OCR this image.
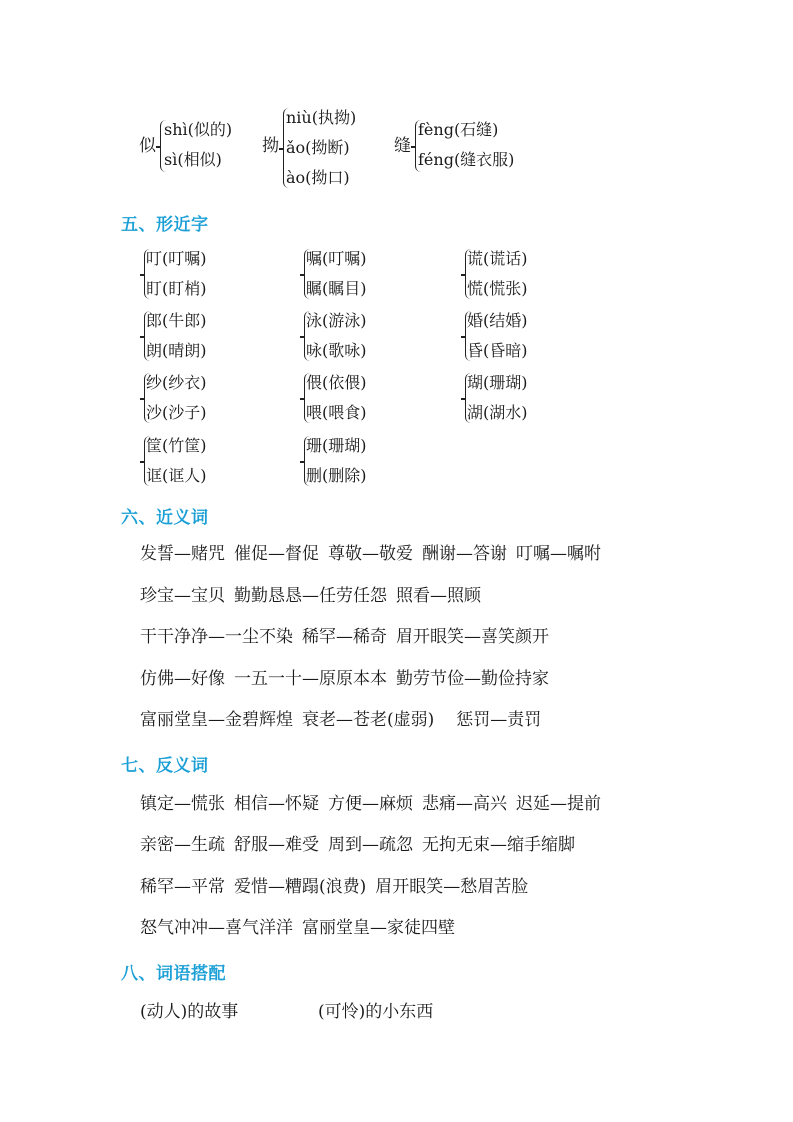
似
shì(似的)
sì(相似)
拗
niù(执拗)
ǎo(拗断)
ào(拗口)
缝
fèng(石缝)
féng(缝衣服)
五、形近字
叮(叮嘱)
盯(盯梢)
嘱(叮嘱)
瞩(瞩目)
谎(谎话)
慌(慌张)
郎(牛郎)
朗(晴朗)
泳(游泳)
咏(歌咏)
婚(结婚)
昏(昏暗)
纱(纱衣)
沙(沙子)
偎(依偎)
喂(喂食)
瑚(珊瑚)
湖(湖水)
筐(竹筐)
诓(诓人)
珊(珊瑚)
删(删除)
六、近义词
发誓—赌咒 催促—督促 尊敬—敬爱 酬谢—答谢 叮嘱—嘱咐
珍宝—宝贝 勤勤恳恳—任劳任怨 照看—照顾
干干净净—一尘不染 稀罕—稀奇 眉开眼笑—喜笑颜开
仿佛—好像 一五一十—原原本本 勤劳节俭—勤俭持家
富丽堂皇—金碧辉煌 衰老—苍老(虚弱) 惩罚—责罚
七、反义词
镇定—慌张 相信—怀疑 方便—麻烦 悲痛—高兴 迟延—提前
亲密—生疏 舒服—难受 周到—疏忽 无拘无束—缩手缩脚
稀罕—平常 爱惜—糟蹋(浪费) 眉开眼笑—愁眉苦脸
怒气冲冲—喜气洋洋 富丽堂皇—家徒四壁
八、词语搭配
(动人)的故事	(可怜)的小东西
